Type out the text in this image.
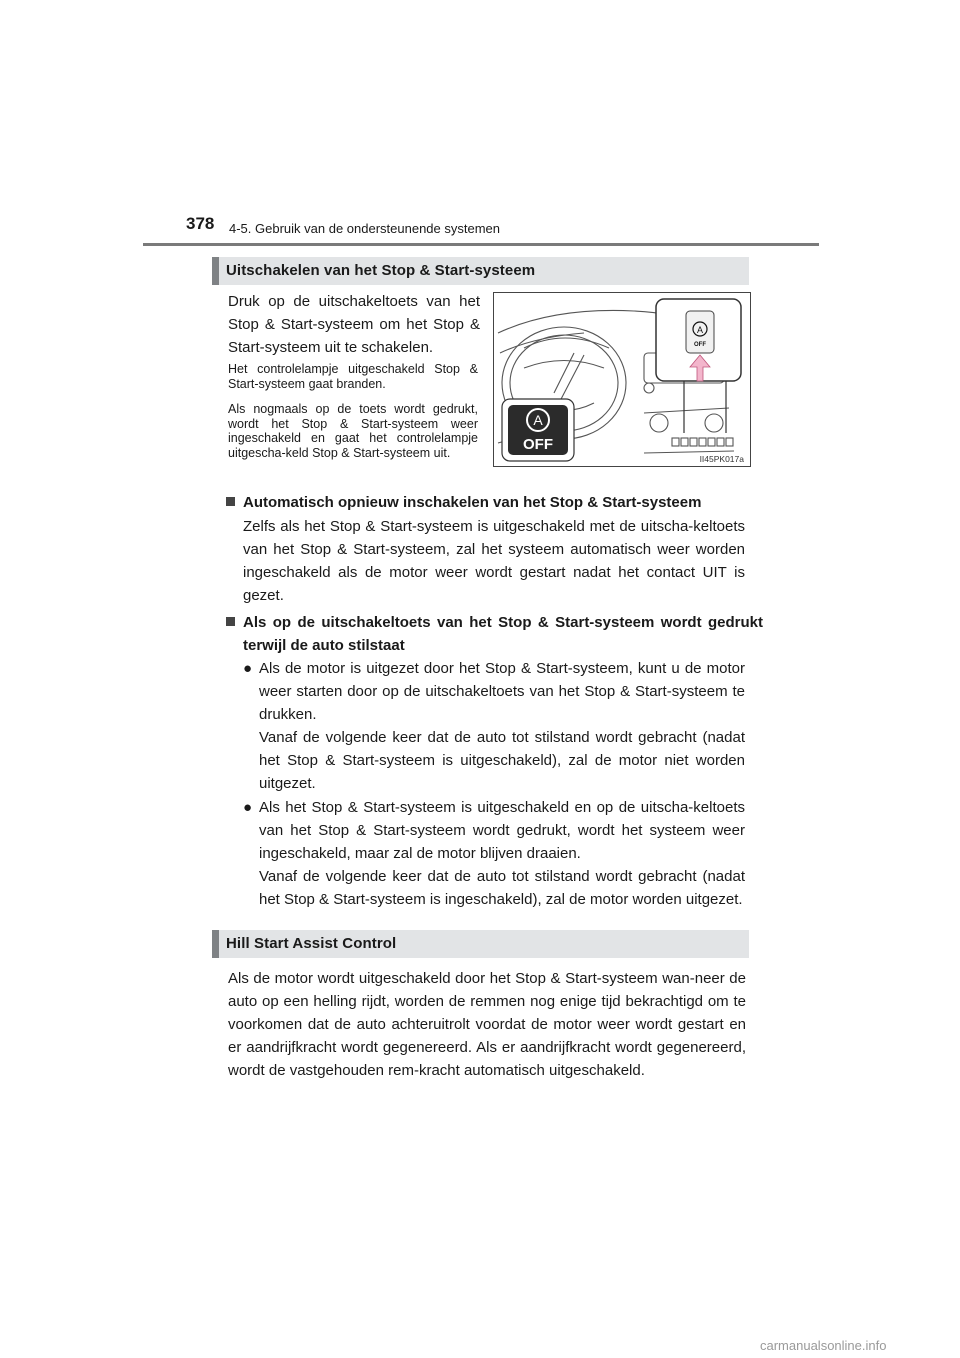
378 4-5. Gebruik van de ondersteunende systemen
Uitschakelen van het Stop & Start-systeem
Druk op de uitschakeltoets van het Stop & Start-systeem om het Stop & Start-systeem uit te schakelen.
Het controlelampje uitgeschakeld Stop & Start-systeem gaat branden.
Als nogmaals op de toets wordt gedrukt, wordt het Stop & Start-systeem weer ingeschakeld en gaat het controlelampje uitgescha-keld Stop & Start-systeem uit.
A
OFF
A
OFF
II45PK017a
Automatisch opnieuw inschakelen van het Stop & Start-systeem
Zelfs als het Stop & Start-systeem is uitgeschakeld met de uitscha-keltoets van het Stop & Start-systeem, zal het systeem automatisch weer worden ingeschakeld als de motor weer wordt gestart nadat het contact UIT is gezet.
Als op de uitschakeltoets van het Stop & Start-systeem wordt gedrukt terwijl de auto stilstaat
● Als de motor is uitgezet door het Stop & Start-systeem, kunt u de motor weer starten door op de uitschakeltoets van het Stop & Start-systeem te drukken.
Vanaf de volgende keer dat de auto tot stilstand wordt gebracht (nadat het Stop & Start-systeem is uitgeschakeld), zal de motor niet worden uitgezet.
● Als het Stop & Start-systeem is uitgeschakeld en op de uitscha-keltoets van het Stop & Start-systeem wordt gedrukt, wordt het systeem weer ingeschakeld, maar zal de motor blijven draaien.
Vanaf de volgende keer dat de auto tot stilstand wordt gebracht (nadat het Stop & Start-systeem is ingeschakeld), zal de motor worden uitgezet.
Hill Start Assist Control
Als de motor wordt uitgeschakeld door het Stop & Start-systeem wan-neer de auto op een helling rijdt, worden de remmen nog enige tijd bekrachtigd om te voorkomen dat de auto achteruitrolt voordat de motor weer wordt gestart en er aandrijfkracht wordt gegenereerd. Als er aandrijfkracht wordt gegenereerd, wordt de vastgehouden rem-kracht automatisch uitgeschakeld.
carmanualsonline.info
